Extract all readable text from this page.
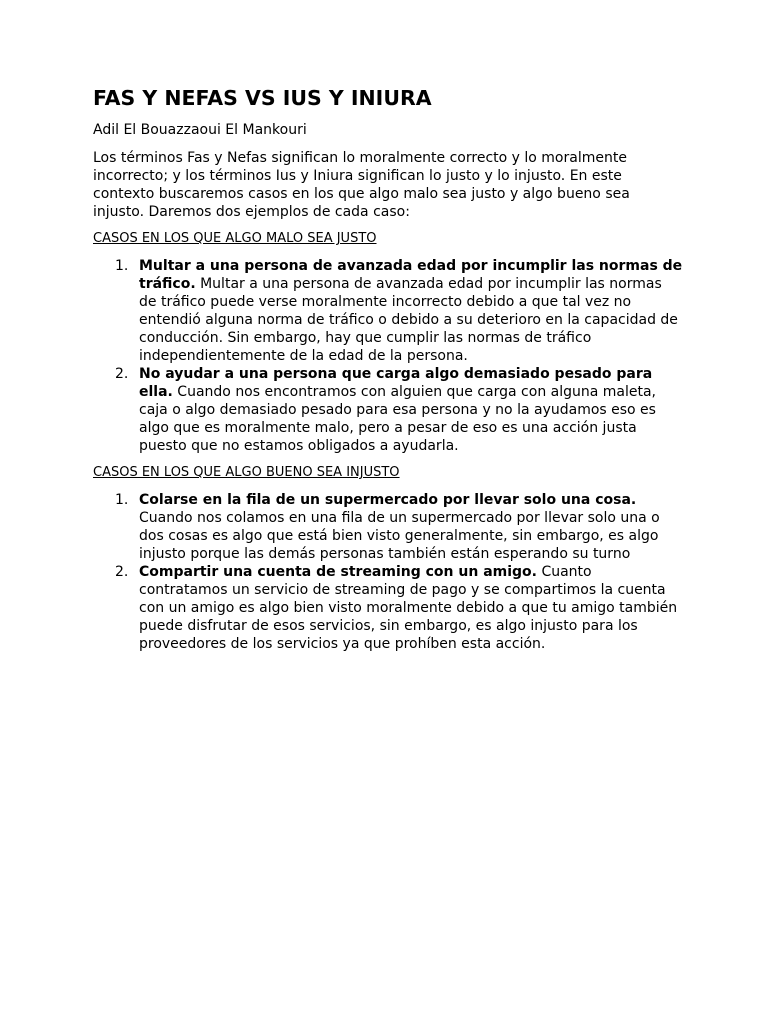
FAS Y NEFAS VS IUS Y INIURA

Adil El Bouazzaoui El Mankouri

Los términos Fas y Nefas significan lo moralmente correcto y lo moralmente incorrecto; y los términos Ius y Iniura significan lo justo y lo injusto. En este contexto buscaremos casos en los que algo malo sea justo y algo bueno sea injusto. Daremos dos ejemplos de cada caso:

CASOS EN LOS QUE ALGO MALO SEA JUSTO

1. Multar a una persona de avanzada edad por incumplir las normas de tráfico. Multar a una persona de avanzada edad por incumplir las normas de tráfico puede verse moralmente incorrecto debido a que tal vez no entendió alguna norma de tráfico o debido a su deterioro en la capacidad de conducción. Sin embargo, hay que cumplir las normas de tráfico independientemente de la edad de la persona.
2. No ayudar a una persona que carga algo demasiado pesado para ella. Cuando nos encontramos con alguien que carga con alguna maleta, caja o algo demasiado pesado para esa persona y no la ayudamos eso es algo que es moralmente malo, pero a pesar de eso es una acción justa puesto que no estamos obligados a ayudarla.

CASOS EN LOS QUE ALGO BUENO SEA INJUSTO

1. Colarse en la fila de un supermercado por llevar solo una cosa. Cuando nos colamos en una fila de un supermercado por llevar solo una o dos cosas es algo que está bien visto generalmente, sin embargo, es algo injusto porque las demás personas también están esperando su turno
2. Compartir una cuenta de streaming con un amigo. Cuanto contratamos un servicio de streaming de pago y se compartimos la cuenta con un amigo es algo bien visto moralmente debido a que tu amigo también puede disfrutar de esos servicios, sin embargo, es algo injusto para los proveedores de los servicios ya que prohíben esta acción.
